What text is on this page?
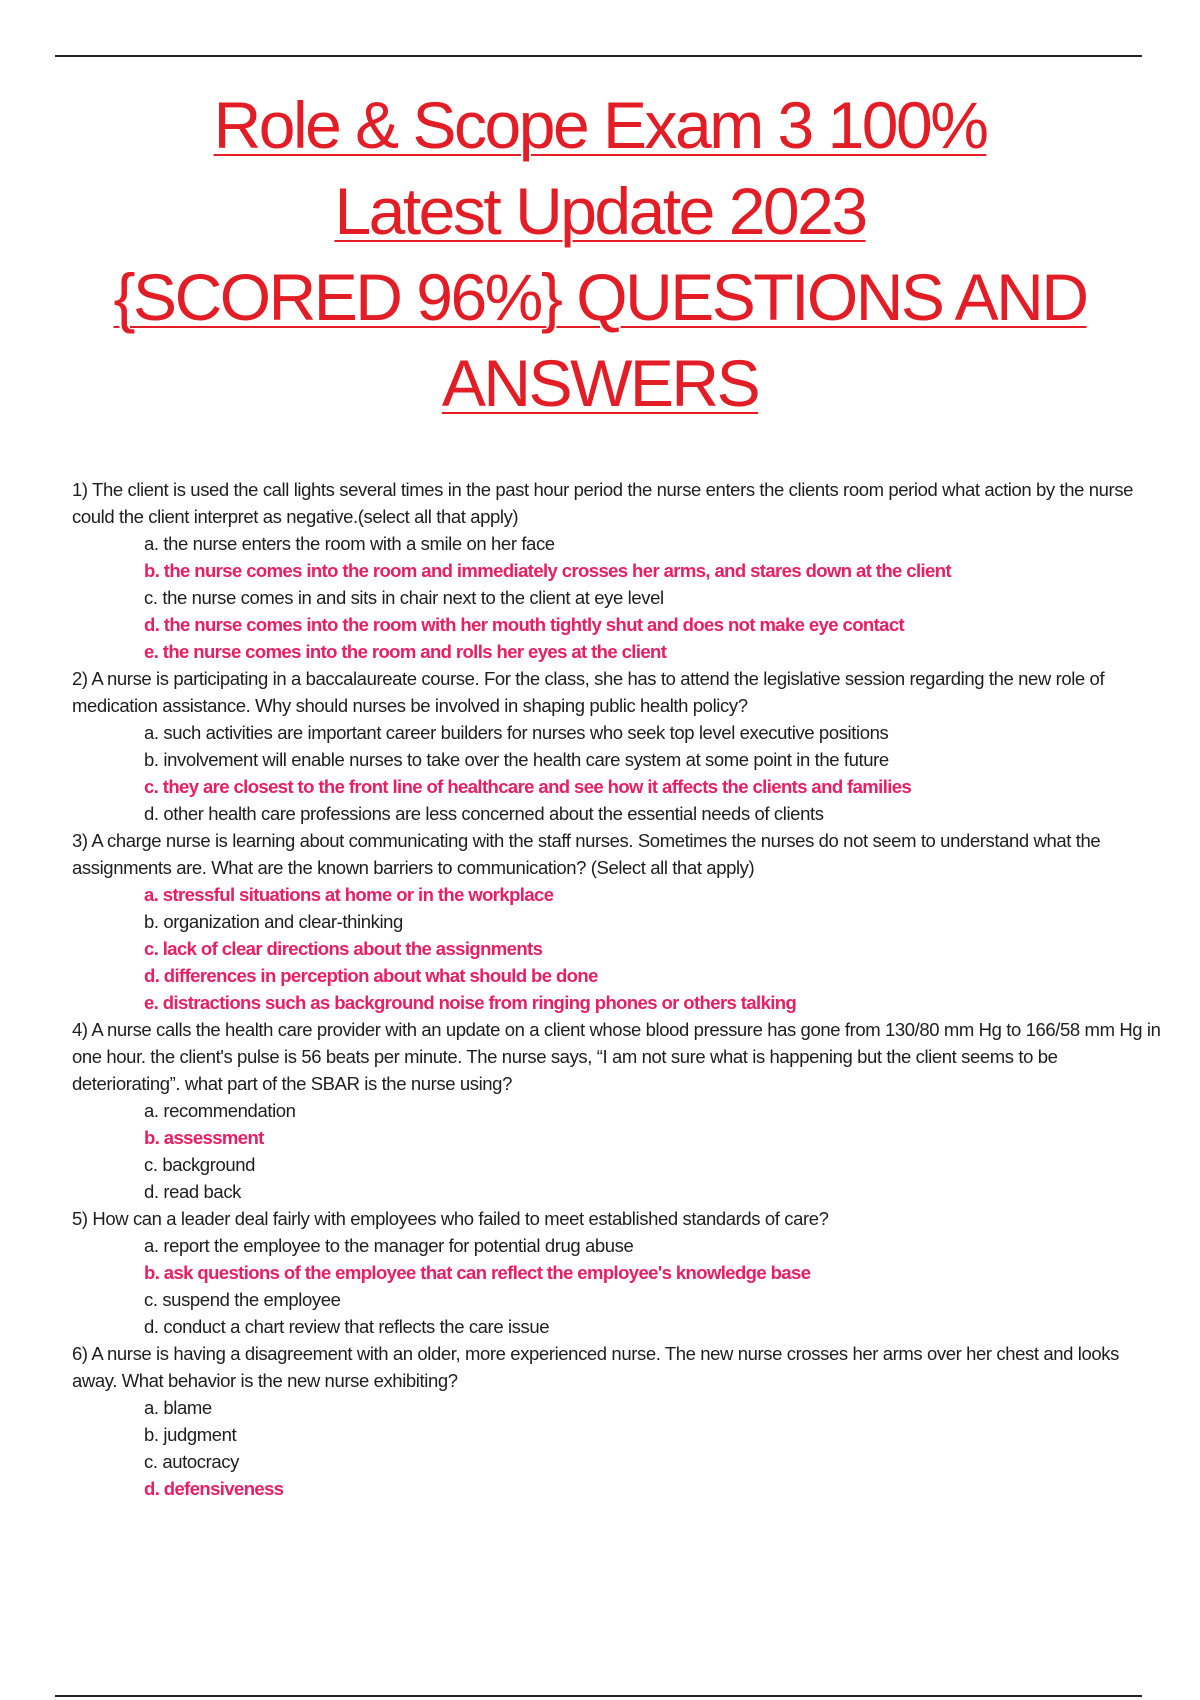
Role & Scope Exam 3 100%
Latest Update 2023
{SCORED 96%} QUESTIONS AND
ANSWERS

1) The client is used the call lights several times in the past hour period the nurse enters the clients room period what action by the nurse could the client interpret as negative.(select all that apply)

a. the nurse enters the room with a smile on her face
b. the nurse comes into the room and immediately crosses her arms, and stares down at the client
c. the nurse comes in and sits in chair next to the client at eye level
d. the nurse comes into the room with her mouth tightly shut and does not make eye contact
e. the nurse comes into the room and rolls her eyes at the client

2) A nurse is participating in a baccalaureate course. For the class, she has to attend the legislative session regarding the new role of medication assistance. Why should nurses be involved in shaping public health policy?

a. such activities are important career builders for nurses who seek top level executive positions
b. involvement will enable nurses to take over the health care system at some point in the future
c. they are closest to the front line of healthcare and see how it affects the clients and families
d. other health care professions are less concerned about the essential needs of clients

3) A charge nurse is learning about communicating with the staff nurses. Sometimes the nurses do not seem to understand what the assignments are. What are the known barriers to communication? (Select all that apply)

a. stressful situations at home or in the workplace
b. organization and clear-thinking
c. lack of clear directions about the assignments
d. differences in perception about what should be done
e. distractions such as background noise from ringing phones or others talking

4) A nurse calls the health care provider with an update on a client whose blood pressure has gone from 130/80 mm Hg to 166/58 mm Hg in one hour. the client's pulse is 56 beats per minute. The nurse says, “I am not sure what is happening but the client seems to be deteriorating”. what part of the SBAR is the nurse using?

a. recommendation
b. assessment
c. background
d. read back

5) How can a leader deal fairly with employees who failed to meet established standards of care?

a. report the employee to the manager for potential drug abuse
b. ask questions of the employee that can reflect the employee's knowledge base
c. suspend the employee
d. conduct a chart review that reflects the care issue

6) A nurse is having a disagreement with an older, more experienced nurse. The new nurse crosses her arms over her chest and looks away. What behavior is the new nurse exhibiting?

a. blame
b. judgment
c. autocracy
d. defensiveness
